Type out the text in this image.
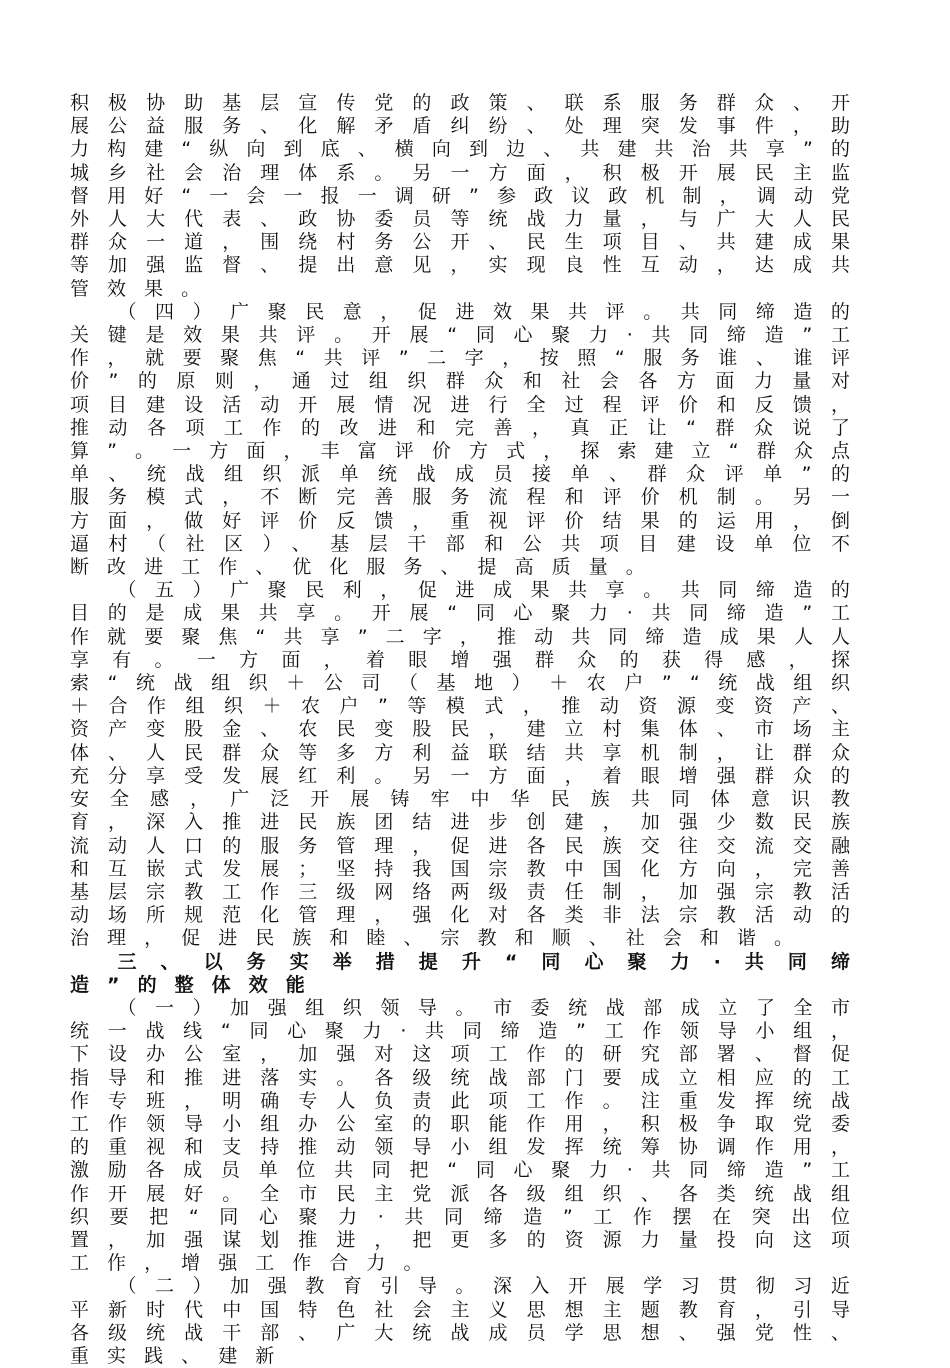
积极协助基层宣传党的政策、联系服务群众、开展公益服务、化解矛盾纠纷、处理突发事件，助力构建“纵向到底、横向到边、共建共治共享”的城乡社会治理体系。另一方面，积极开展民主监督用好“一会一报一调研”参政议政机制，调动党外人大代表、政协委员等统战力量，与广大人民群众一道，围绕村务公开、民生项目、共建成果等加强监督、提出意见，实现良性互动，达成共管效果。

（四）广聚民意，促进效果共评。共同缔造的关键是效果共评。开展“同心聚力·共同缔造”工作，就要聚焦“共评”二字，按照“服务谁、谁评价”的原则，通过组织群众和社会各方面力量对项目建设活动开展情况进行全过程评价和反馈，推动各项工作的改进和完善，真正让“群众说了算”。一方面，丰富评价方式，探索建立“群众点单、统战组织派单统战成员接单、群众评单”的服务模式，不断完善服务流程和评价机制。另一方面，做好评价反馈，重视评价结果的运用，倒逼村（社区）、基层干部和公共项目建设单位不断改进工作、优化服务、提高质量。

（五）广聚民利，促进成果共享。共同缔造的目的是成果共享。开展“同心聚力·共同缔造”工作就要聚焦“共享”二字，推动共同缔造成果人人享有。一方面，着眼增强群众的获得感，探索“统战组织＋公司（基地）＋农户”“统战组织＋合作组织＋农户”等模式，推动资源变资产、资产变股金、农民变股民，建立村集体、市场主体、人民群众等多方利益联结共享机制，让群众充分享受发展红利。另一方面，着眼增强群众的安全感，广泛开展铸牢中华民族共同体意识教育，深入推进民族团结进步创建，加强少数民族流动人口的服务管理，促进各民族交往交流交融和互嵌式发展；坚持我国宗教中国化方向，完善基层宗教工作三级网络两级责任制，加强宗教活动场所规范化管理，强化对各类非法宗教活动的治理，促进民族和睦、宗教和顺、社会和谐。

三、以务实举措提升“同心聚力·共同缔造”的整体效能

（一）加强组织领导。市委统战部成立了全市统一战线“同心聚力·共同缔造”工作领导小组，下设办公室，加强对这项工作的研究部署、督促指导和推进落实。各级统战部门要成立相应的工作专班，明确专人负责此项工作。注重发挥统战工作领导小组办公室的职能作用，积极争取党委的重视和支持推动领导小组发挥统筹协调作用，激励各成员单位共同把“同心聚力·共同缔造”工作开展好。全市民主党派各级组织、各类统战组织要把“同心聚力·共同缔造”工作摆在突出位置，加强谋划推进，把更多的资源力量投向这项工作，增强工作合力。

（二）加强教育引导。深入开展学习贯彻习近平新时代中国特色社会主义思想主题教育，引导各级统战干部、广大统战成员学思想、强党性、重实践、建新
